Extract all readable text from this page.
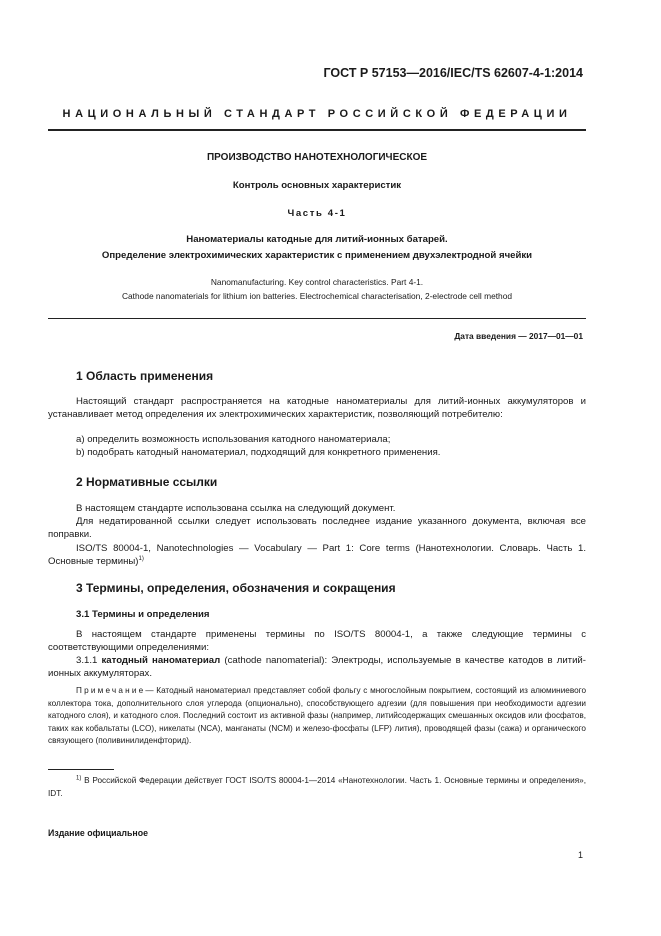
ГОСТ Р 57153—2016/IEC/TS 62607-4-1:2014
НАЦИОНАЛЬНЫЙ СТАНДАРТ РОССИЙСКОЙ ФЕДЕРАЦИИ
ПРОИЗВОДСТВО НАНОТЕХНОЛОГИЧЕСКОЕ
Контроль основных характеристик
Часть 4-1
Наноматериалы катодные для литий-ионных батарей.
Определение электрохимических характеристик с применением двухэлектродной ячейки
Nanomanufacturing. Key control characteristics. Part 4-1.
Cathode nanomaterials for lithium ion batteries. Electrochemical characterisation, 2-electrode cell method
Дата введения — 2017—01—01
1 Область применения
Настоящий стандарт распространяется на катодные наноматериалы для литий-ионных аккумуляторов и устанавливает метод определения их электрохимических характеристик, позволяющий потребителю:
a) определить возможность использования катодного наноматериала;
b) подобрать катодный наноматериал, подходящий для конкретного применения.
2 Нормативные ссылки
В настоящем стандарте использована ссылка на следующий документ.
Для недатированной ссылки следует использовать последнее издание указанного документа, включая все поправки.
ISO/TS 80004-1, Nanotechnologies — Vocabulary — Part 1: Core terms (Нанотехнологии. Словарь. Часть 1. Основные термины)$^{1)}$
3 Термины, определения, обозначения и сокращения
3.1 Термины и определения
В настоящем стандарте применены термины по ISO/TS 80004-1, а также следующие термины с соответствующими определениями:
3.1.1 катодный наноматериал (cathode nanomaterial): Электроды, используемые в качестве катодов в литий-ионных аккумуляторах.
Примечание— Катодный наноматериал представляет собой фольгу с многослойным покрытием, состоящий из алюминиевого коллектора тока, дополнительного слоя углерода (опционально), способствующего адгезии (для повышения при необходимости адгезии катодного слоя), и катодного слоя. Последний состоит из активной фазы (например, литийсодержащих смешанных оксидов или фосфатов, таких как кобальтаты (LCO), никелаты (NCA), манганаты (NCM) и железо-фосфаты (LFP) лития), проводящей фазы (сажа) и органического связующего (поливинилиденфторид).
$^{1)}$ В Российской Федерации действует ГОСТ ISO/TS 80004-1—2014 «Нанотехнологии. Часть 1. Основные термины и определения», IDT.
Издание официальное
1
